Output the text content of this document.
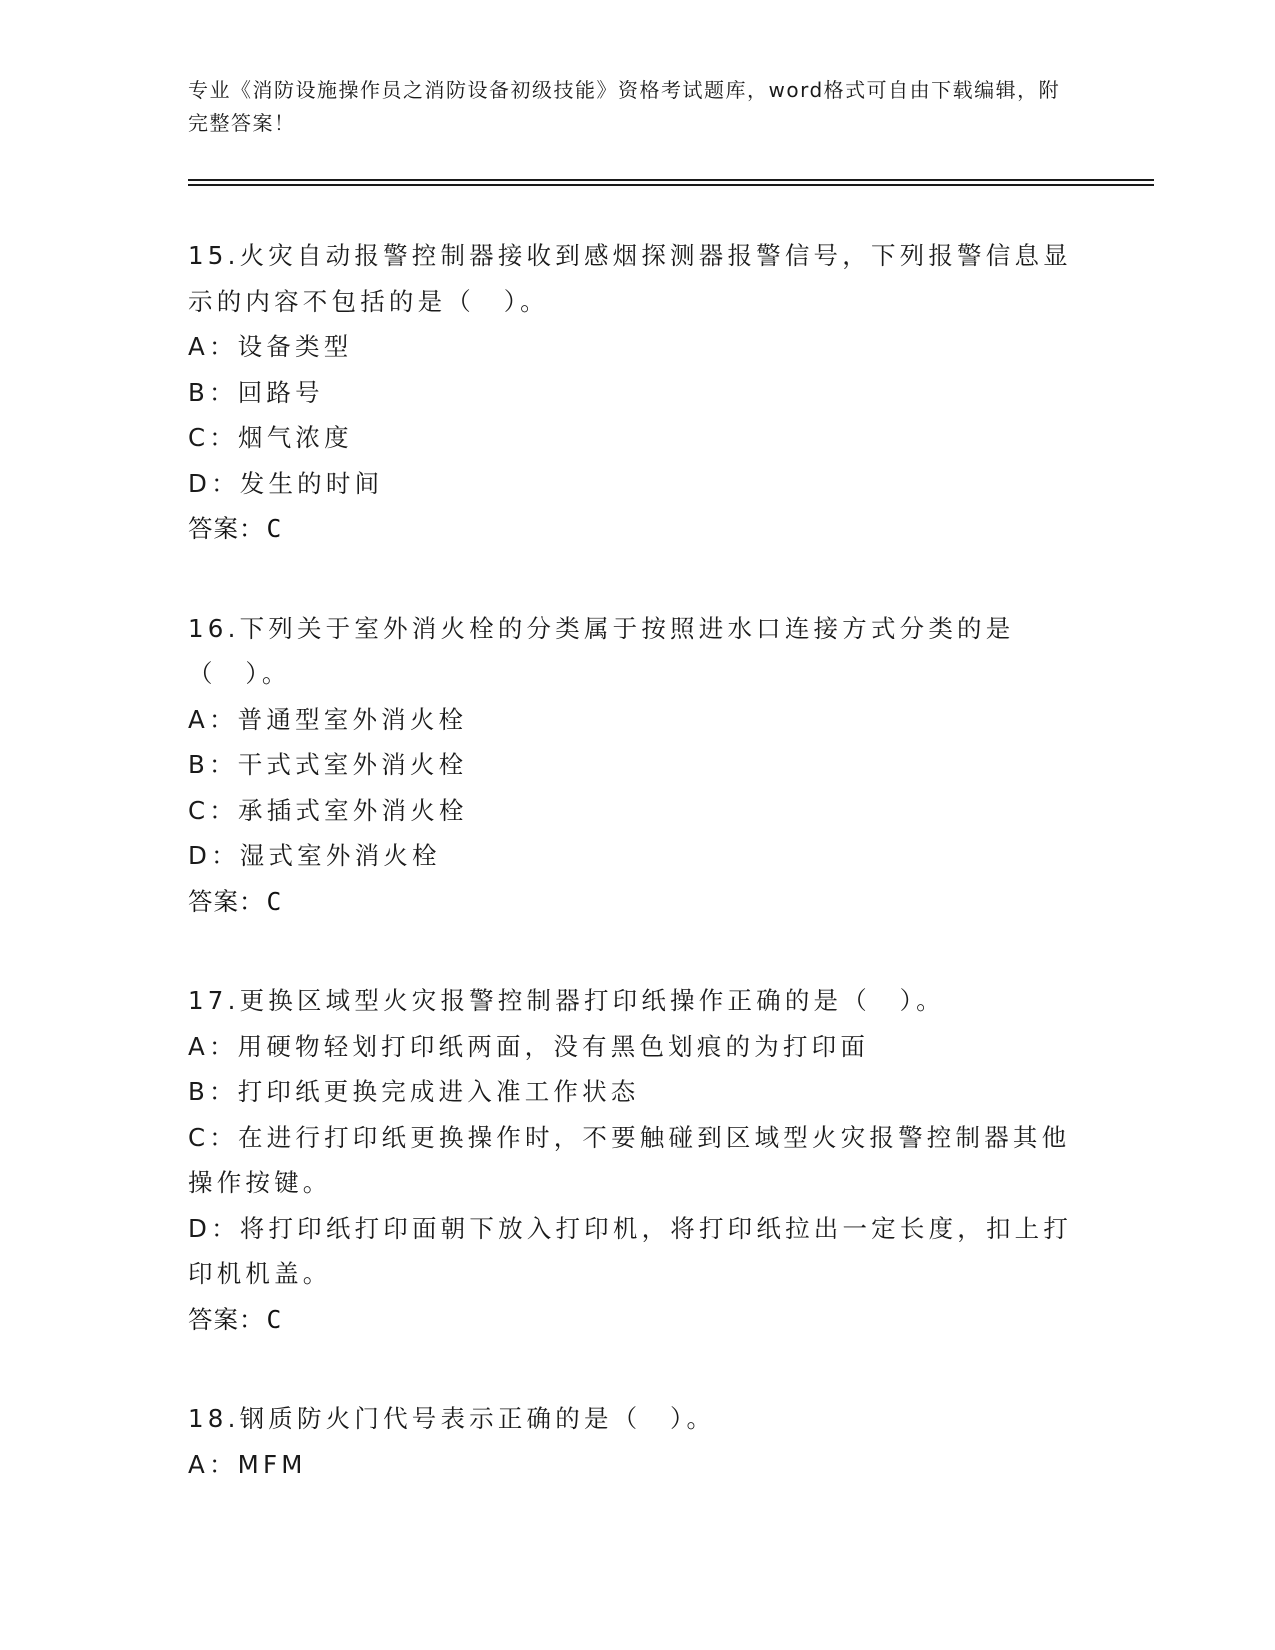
专业《消防设施操作员之消防设备初级技能》资格考试题库，word格式可自由下载编辑，附完整答案！
15.火灾自动报警控制器接收到感烟探测器报警信号，下列报警信息显示的内容不包括的是（　）。
A：设备类型
B：回路号
C：烟气浓度
D：发生的时间
答案：C
16.下列关于室外消火栓的分类属于按照进水口连接方式分类的是（　）。
A：普通型室外消火栓
B：干式式室外消火栓
C：承插式室外消火栓
D：湿式室外消火栓
答案：C
17.更换区域型火灾报警控制器打印纸操作正确的是（　）。
A：用硬物轻划打印纸两面，没有黑色划痕的为打印面
B：打印纸更换完成进入准工作状态
C：在进行打印纸更换操作时，不要触碰到区域型火灾报警控制器其他操作按键。
D：将打印纸打印面朝下放入打印机，将打印纸拉出一定长度，扣上打印机机盖。
答案：C
18.钢质防火门代号表示正确的是（　）。
A：MFM
